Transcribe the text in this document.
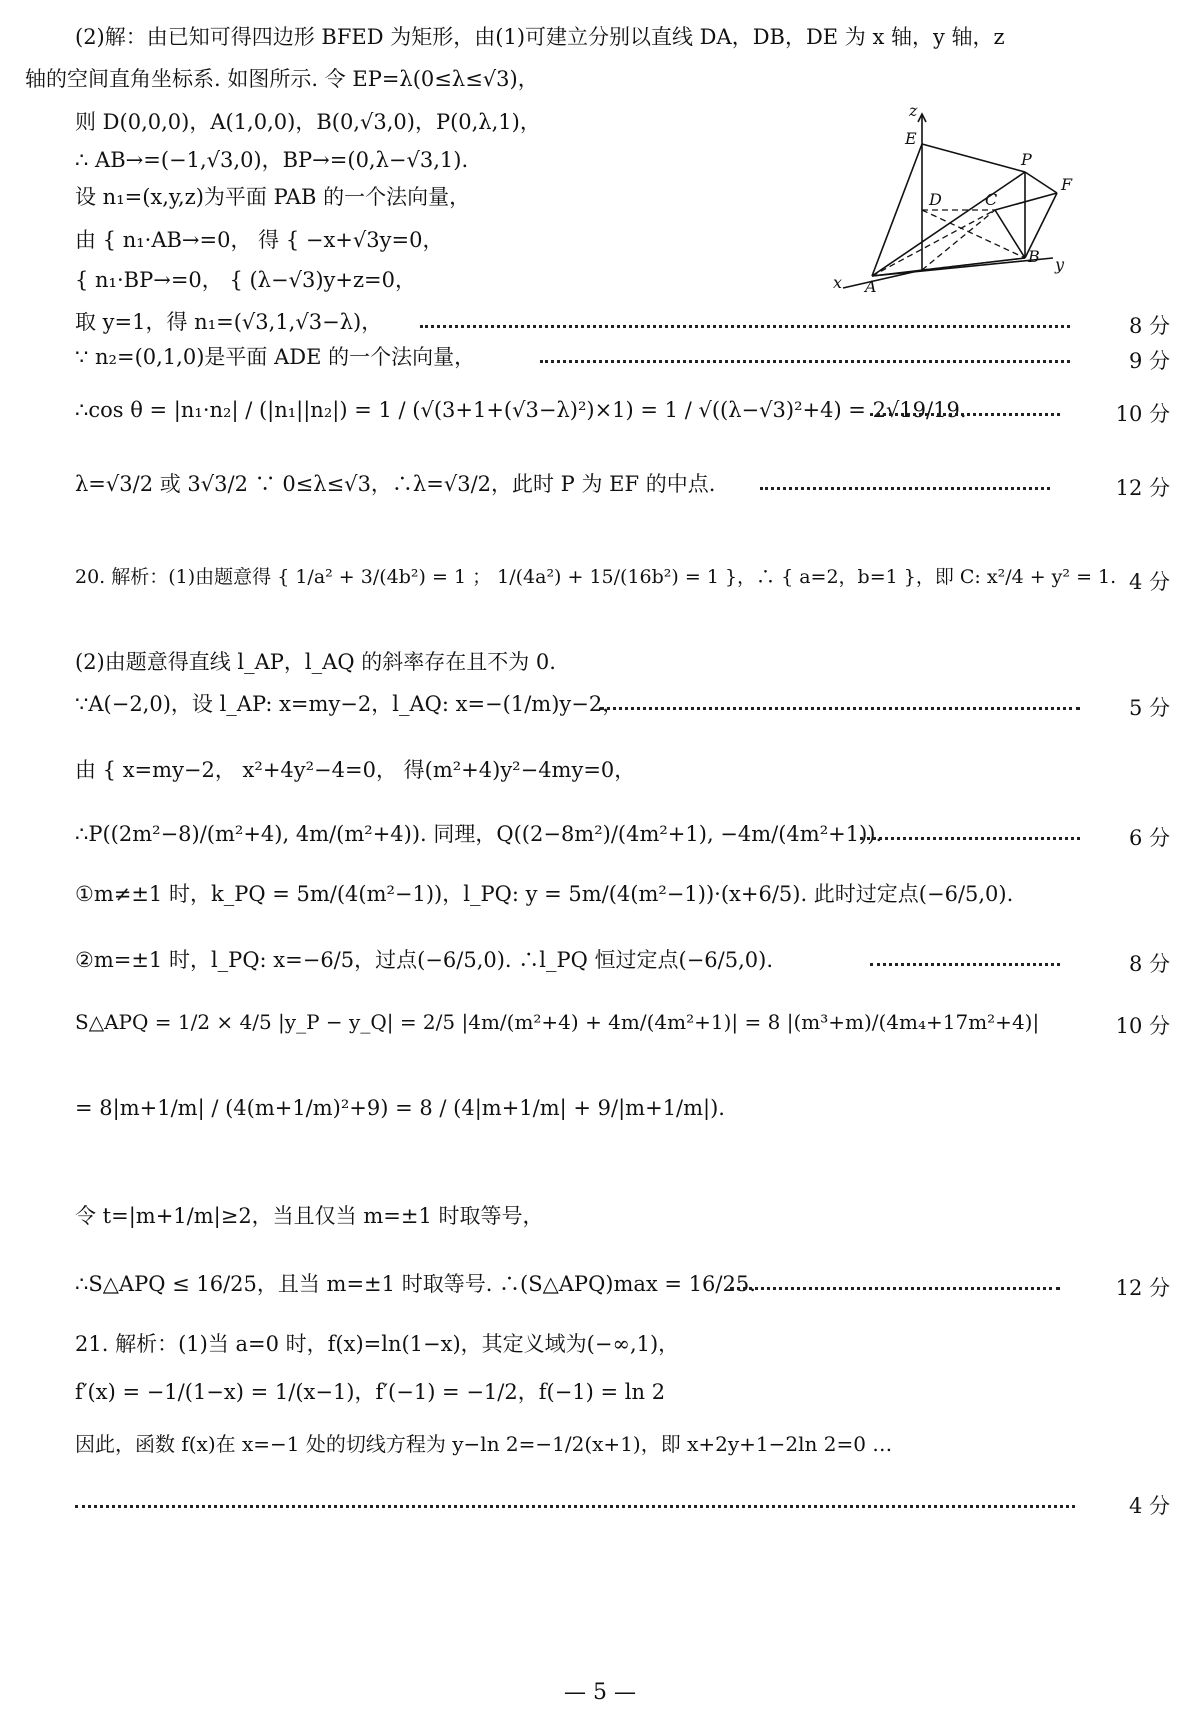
(2)解：由已知可得四边形 BFED 为矩形，由(1)可建立分别以直线 DA，DB，DE 为 x 轴，y 轴，z
轴的空间直角坐标系. 如图所示. 令 EP=λ(0≤λ≤√3)，
则 D(0,0,0)，A(1,0,0)，B(0,√3,0)，P(0,λ,1)，
∴ AB→=(−1,√3,0)，BP→=(0,λ−√3,1).
设 n₁=(x,y,z)为平面 PAB 的一个法向量，
由 { n₁·AB→=0， 得 { −x+√3y=0，
{ n₁·BP→=0， { (λ−√3)y+z=0，
取 y=1，得 n₁=(√3,1,√3−λ)，	8 分
∵ n₂=(0,1,0)是平面 ADE 的一个法向量，	9 分
∴cos θ = |n₁·n₂| / (|n₁||n₂|) = 1 / (√(3+1+(√3−λ)²)×1) = 1 / √((λ−√3)²+4) = 2√19/19.	10 分
λ=√3/2 或 3√3/2 ∵ 0≤λ≤√3，∴λ=√3/2，此时 P 为 EF 的中点.	12 分
20. 解析：(1)由题意得 { 1/a² + 3/(4b²) = 1 ； 1/(4a²) + 15/(16b²) = 1 }，∴ { a=2，b=1 }，即 C: x²/4 + y² = 1. 4 分
(2)由题意得直线 l_AP，l_AQ 的斜率存在且不为 0.
∵A(−2,0)，设 l_AP: x=my−2，l_AQ: x=−(1/m)y−2，	5 分
由 { x=my−2， x²+4y²−4=0， 得(m²+4)y²−4my=0，
∴P((2m²−8)/(m²+4), 4m/(m²+4)). 同理，Q((2−8m²)/(4m²+1), −4m/(4m²+1)).	6 分
①m≠±1 时，k_PQ = 5m/(4(m²−1))，l_PQ: y = 5m/(4(m²−1))·(x+6/5). 此时过定点(−6/5,0).
②m=±1 时，l_PQ: x=−6/5，过点(−6/5,0). ∴l_PQ 恒过定点(−6/5,0).	8 分
S△APQ = 1/2 × 4/5 |y_P − y_Q| = 2/5 |4m/(m²+4) + 4m/(4m²+1)| = 8 |(m³+m)/(4m₄+17m²+4)|	10 分
= 8|m+1/m| / (4(m+1/m)²+9) = 8 / (4|m+1/m| + 9/|m+1/m|).
令 t=|m+1/m|≥2，当且仅当 m=±1 时取等号，
∴S△APQ ≤ 16/25，且当 m=±1 时取等号. ∴(S△APQ)max = 16/25.	12 分
21. 解析：(1)当 a=0 时，f(x)=ln(1−x)，其定义域为(−∞,1)，
f′(x) = −1/(1−x) = 1/(x−1)，f′(−1) = −1/2，f(−1) = ln 2
因此，函数 f(x)在 x=−1 处的切线方程为 y−ln 2=−1/2(x+1)，即 x+2y+1−2ln 2=0 …
4 分
z
E
P
F
D	C
A
B
x
y
— 5 —
